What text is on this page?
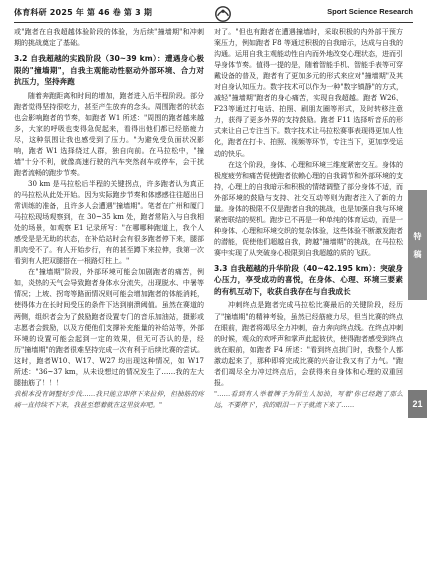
体育科研 2025 年 第 46 卷 第 3 期	Sport Science Research

或"跑者在自我超越体验阶段的体验，为后续"撞墙期"和冲刺期的挑战奠定了基础。

3.2 自我超越的实践阶段（30~39 km）：遭遇身心极限的"撞墙期"，自我主观能动性驱动外部环境、合力对抗压力，坚持奔跑

随着奔跑距离和时间的增加，跑者进入后半程阶段。部分跑者觉得坚持很吃力，甚至产生放弃的念头。周围跑者的状态也会影响跑者的节奏，如跑者 W1 所述："周围的跑者越来越多，大家的呼吸也变得急促起来，看得出他们都已经筋疲力尽，这种氛围让我也感受到了压力。"为避免受负面状况影响，跑者 W1 选择绕过人群，独自向前。在马拉松中，"撞墙"十分不利，就像高速行驶的汽车突然刹车或停车，会干扰跑者流畅的跑步节奏。

30 km 是马拉松后半程的关键拐点，许多跑者认为真正的马拉松从此处开始。因为实际跑步节奏和体感感往往超出日常训练的准备，且许多人会遭遇"撞墙期"。笔者在广州和厦门马拉松现场观察到，在 30~35 km 处，跑者常陷入与自我相处的场景，如观察 E1 记录所写："在哪哪种跑道上，我个人感受是是无助的状态，在补给站时会有很多跑者停下来，腿部肌肉受不了。有人开始步行，有的甚至蹲下来拉伸，我第一次看到有人把双腿搭在一根路灯柱上。"

在"撞墙期"阶段，外部环境可能会加剧跑者的痛苦，例如，炎热的天气会导致跑者身体水分流失，出现脱水、中暑等情况；上坡、拐弯等路面情况则可能会增加跑者的体能消耗，使得体力在长时间受压的条件下达到崩溃阈值。虽然在赛道的两侧，组织者会为了鼓励跑者设置专门的音乐加油站，摄影或志愿者会鼓励，以及方便他们支撑补充能量的补给站等，外部环境的设置可能会起到一定的效果，但无可否认的是，经历"撞墙期"的跑者很难坚持完成一次有利于后续比赛的尝试。这时，跑者W10、W17、W27 均出现这种情况，如 W17 所述："36~37 km，从未设想过的情况发生了……我的左大腿抽筋了！！！

我根本没有调整好步伐……我只能立即停下来拉伸，但抽筋的疼痛一直持续不下来，我甚至想着就在这里放弃吧。"

对了。"但也有跑者在遭遇撞墙时，采取积极的内外部干预方案压力，例如跑者 F8 等通过积极的自我暗示，达成与自我的沟通。运用自我主观能动性自内而外地改变心理状态，进而引导身体节奏。值得一提的是，随着智能手机、智能手表等可穿戴设备的普及，跑者有了更加多元的形式来应对"撞墙期"及其对自身认知压力。数字技术可以作为一种"数字镇静"的方式，减轻"撞墙期"跑者的身心痛苦，实现自我超越。跑者 W26、F23等通过打电话、拍照、刷朋友圈等形式，及时转移注意力，获得了更多外界的支持鼓励。跑者 F11 选择听音乐的形式来让自己专注当下。数字技术让马拉松赛事表现得更加人性化，跑者在打卡、拍照、视频等环节，专注当下，更加享受运动的快乐。

在这个阶段，身体、心理和环境三维度紧密交互。身体的极度疲劳和痛苦促使跑者依赖心理的自我调节和外部环境的支持，心理上的自我暗示和积极的情绪调整了部分身体不适，而外部环境的鼓励与支持、社交互动等则为跑者注入了新的力量。身体的极限不仅是跑者自我的挑战，也是加强自我与环境紧密联结的契机。跑步已不再是一种单纯的体育运动，而是一种身体、心理和环境交织的复杂体验，这些体验不断激发跑者的潜能，促使他们超越自我，跨越"撞墙期"的挑战，在马拉松赛中实现了从突破身心极限到自我超越的质的飞跃。

3.3 自我超越的升华阶段（40~42.195 km）：突破身心压力，享受成功的喜悦，在身体、心理、环境三要素的有机互动下，收获自我存在与自我成长

冲刺终点是跑者完成马拉松比赛最后的关键阶段，经历了"撞墙期"的精神考验，虽然已经筋疲力尽，但当比赛的终点在眼前，跑者将竭尽全力冲刺，奋力奔向终点线。在终点冲刺的时候，观众的欢呼声和掌声此起彼伏，使得跑者感受到终点就在眼前，如跑者 F4 所述："看到终点拱门时，我整个人都激动起来了，那种即将完成比赛的兴奋让我又有了力气。"跑者们竭尽全力冲过终点后，会获得来自身体和心理的双重回报。

"……看到有人举着牌子为陌生人加油，写着'你已经跑了那么远，不要停下'，我的眼泪一下子就流下来了……

特
稿
21
